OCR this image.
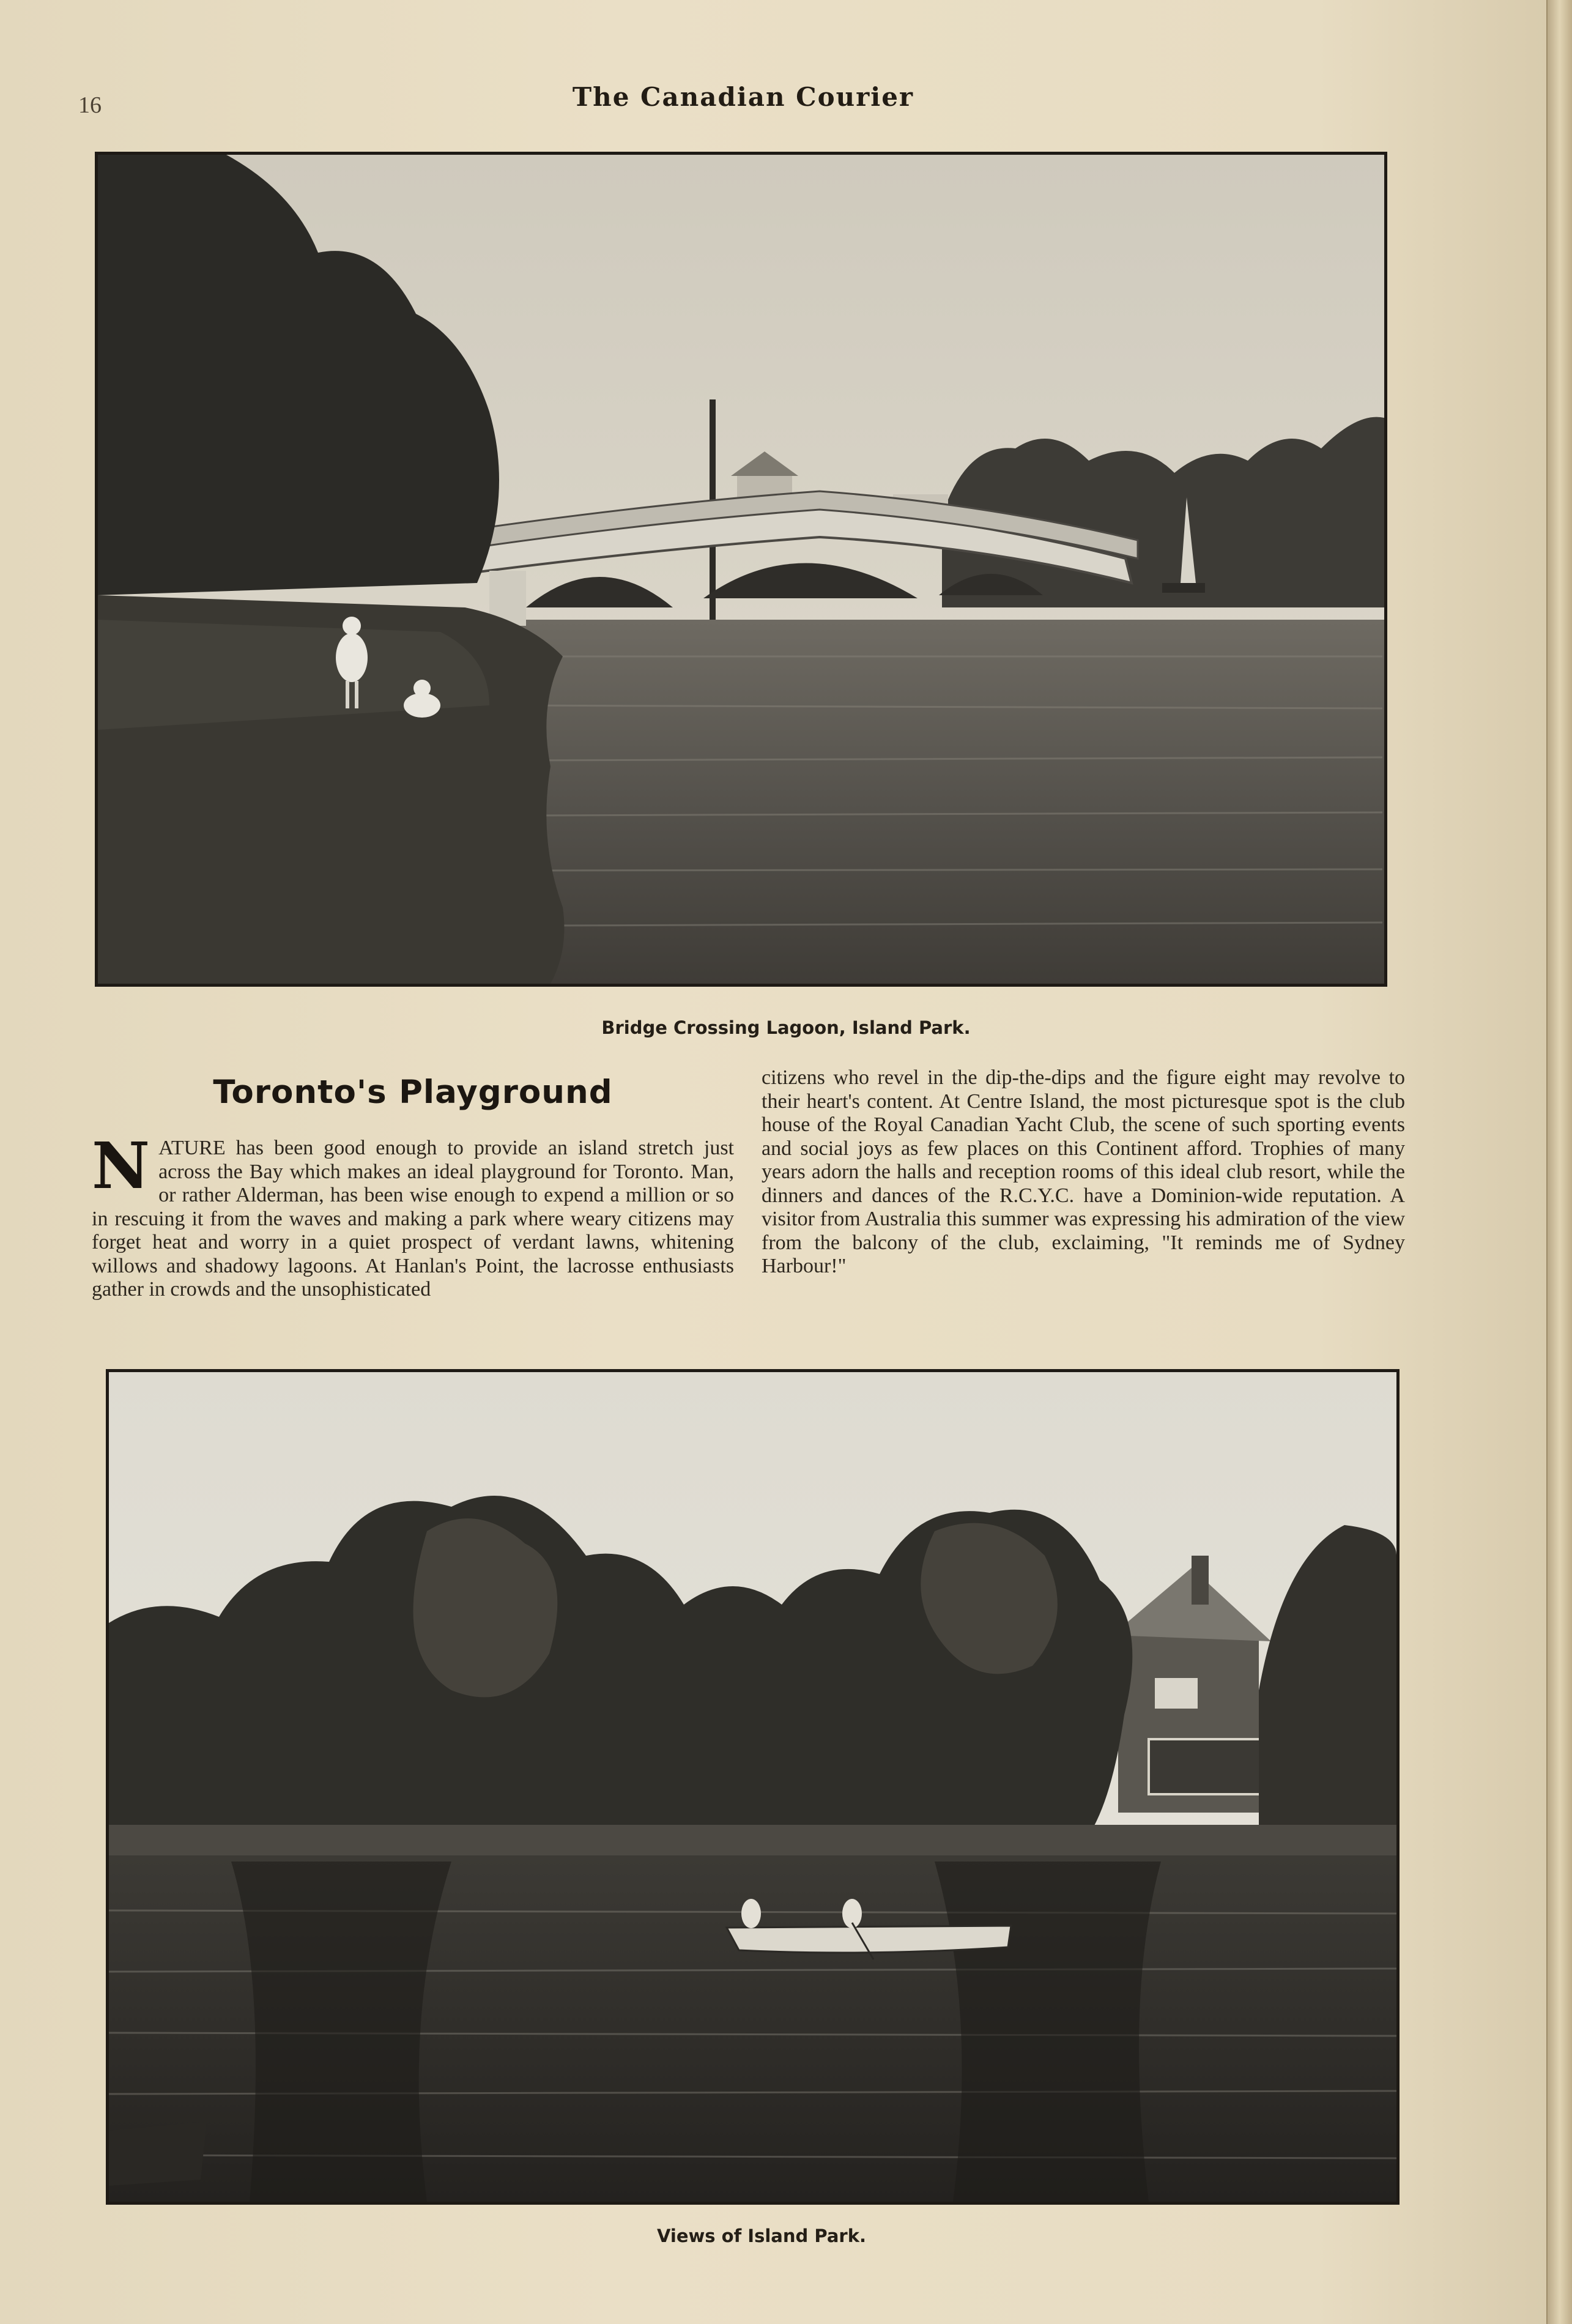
16	The Canadian Courier
Bridge Crossing Lagoon, Island Park.
Toronto's Playground

NATURE has been good enough to provide an island stretch just across the Bay which makes an ideal playground for Toronto. Man, or rather Alderman, has been wise enough to expend a million or so in rescuing it from the waves and making a park where weary citizens may forget heat and worry in a quiet prospect of verdant lawns, whitening willows and shadowy lagoons. At Hanlan's Point, the lacrosse enthusiasts gather in crowds and the unsophisticated

citizens who revel in the dip-the-dips and the figure eight may revolve to their heart's content. At Centre Island, the most picturesque spot is the club house of the Royal Canadian Yacht Club, the scene of such sporting events and social joys as few places on this Continent afford. Trophies of many years adorn the halls and reception rooms of this ideal club resort, while the dinners and dances of the R.C.Y.C. have a Dominion-wide reputation. A visitor from Australia this summer was expressing his admiration of the view from the balcony of the club, exclaiming, "It reminds me of Sydney Harbour!"

Views of Island Park.
